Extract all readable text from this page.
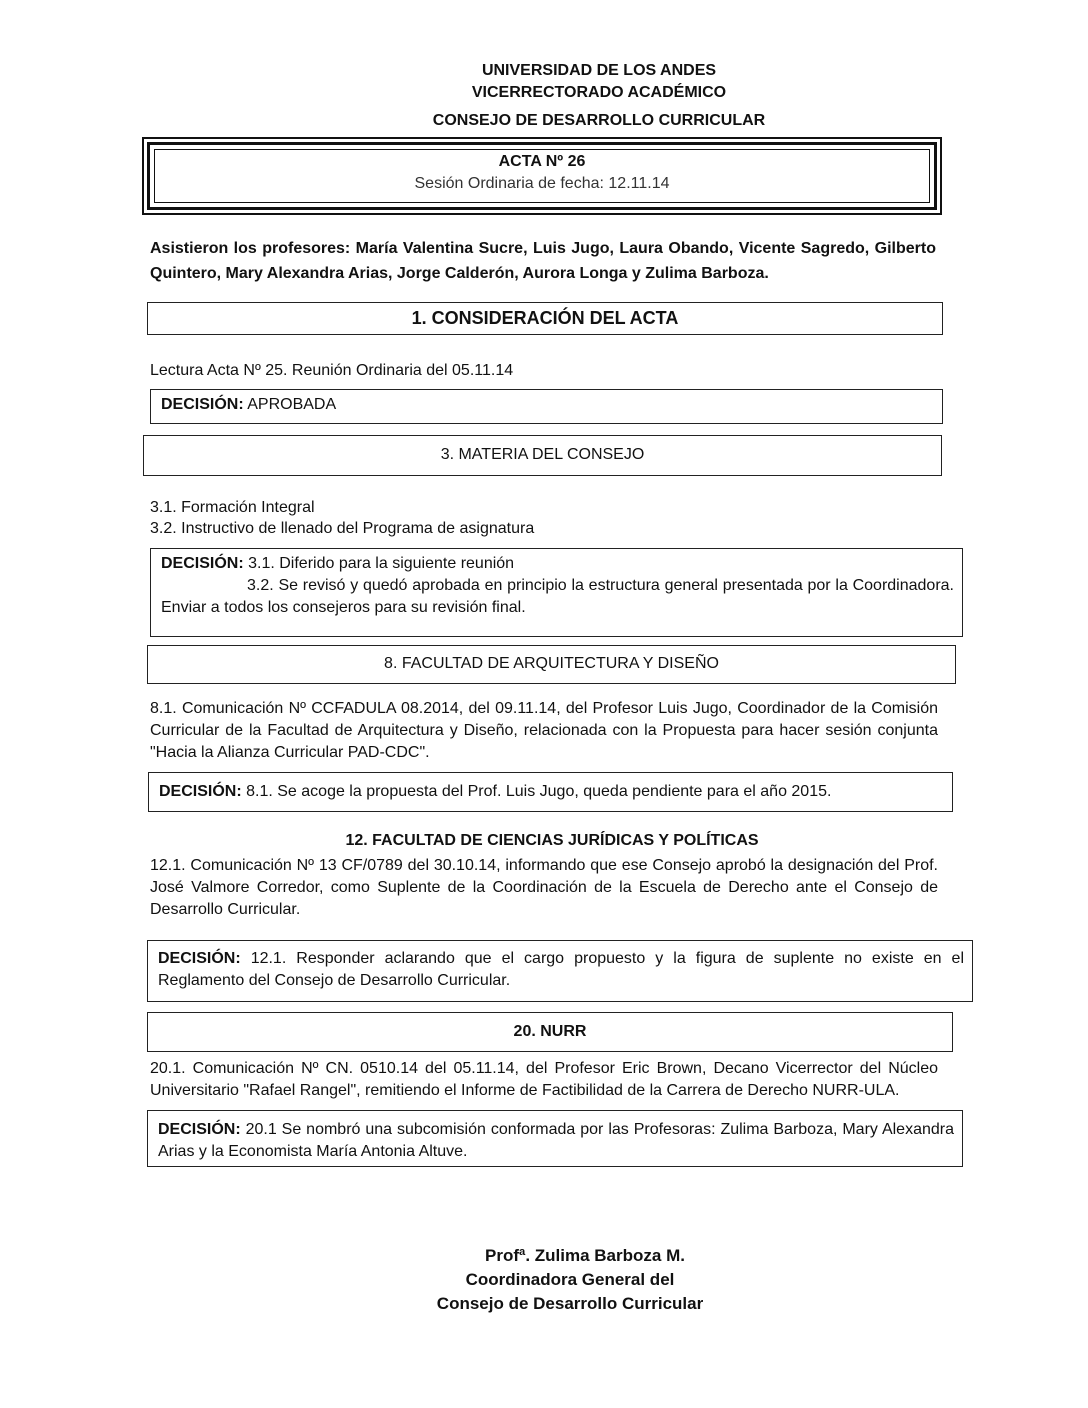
UNIVERSIDAD DE LOS ANDES
VICERRECTORADO ACADÉMICO
CONSEJO DE DESARROLLO CURRICULAR
ACTA Nº 26
Sesión Ordinaria de fecha: 12.11.14
Asistieron los profesores: María Valentina Sucre, Luis Jugo, Laura Obando, Vicente Sagredo, Gilberto Quintero, Mary Alexandra Arias, Jorge Calderón, Aurora Longa y Zulima Barboza.
1. CONSIDERACIÓN DEL ACTA
Lectura Acta Nº 25. Reunión Ordinaria del 05.11.14
DECISIÓN: APROBADA
3. MATERIA DEL CONSEJO
3.1. Formación Integral
3.2. Instructivo de llenado del Programa de asignatura
DECISIÓN: 3.1. Diferido para la siguiente reunión
3.2. Se revisó y quedó aprobada en principio la estructura general presentada por la Coordinadora. Enviar a todos los consejeros para su revisión final.
8. FACULTAD DE ARQUITECTURA Y DISEÑO
8.1. Comunicación Nº CCFADULA 08.2014, del 09.11.14, del Profesor Luis Jugo, Coordinador de la Comisión Curricular de la Facultad de Arquitectura y Diseño, relacionada con la Propuesta para hacer sesión conjunta "Hacia la Alianza Curricular PAD-CDC".
DECISIÓN: 8.1. Se acoge la propuesta del Prof. Luis Jugo, queda pendiente para el año 2015.
12. FACULTAD DE CIENCIAS JURÍDICAS Y POLÍTICAS
12.1. Comunicación Nº 13 CF/0789 del 30.10.14, informando que ese Consejo aprobó la designación del Prof. José Valmore Corredor, como Suplente de la Coordinación de la Escuela de Derecho ante el Consejo de Desarrollo Curricular.
DECISIÓN: 12.1. Responder aclarando que el cargo propuesto y la figura de suplente no existe en el Reglamento del Consejo de Desarrollo Curricular.
20. NURR
20.1. Comunicación Nº CN. 0510.14 del 05.11.14, del Profesor Eric Brown, Decano Vicerrector del Núcleo Universitario "Rafael Rangel", remitiendo el Informe de Factibilidad de la Carrera de Derecho NURR-ULA.
DECISIÓN: 20.1 Se nombró una subcomisión conformada por las Profesoras: Zulima Barboza, Mary Alexandra Arias y la Economista María Antonia Altuve.
Profª. Zulima Barboza M.
Coordinadora General del
Consejo de Desarrollo Curricular
